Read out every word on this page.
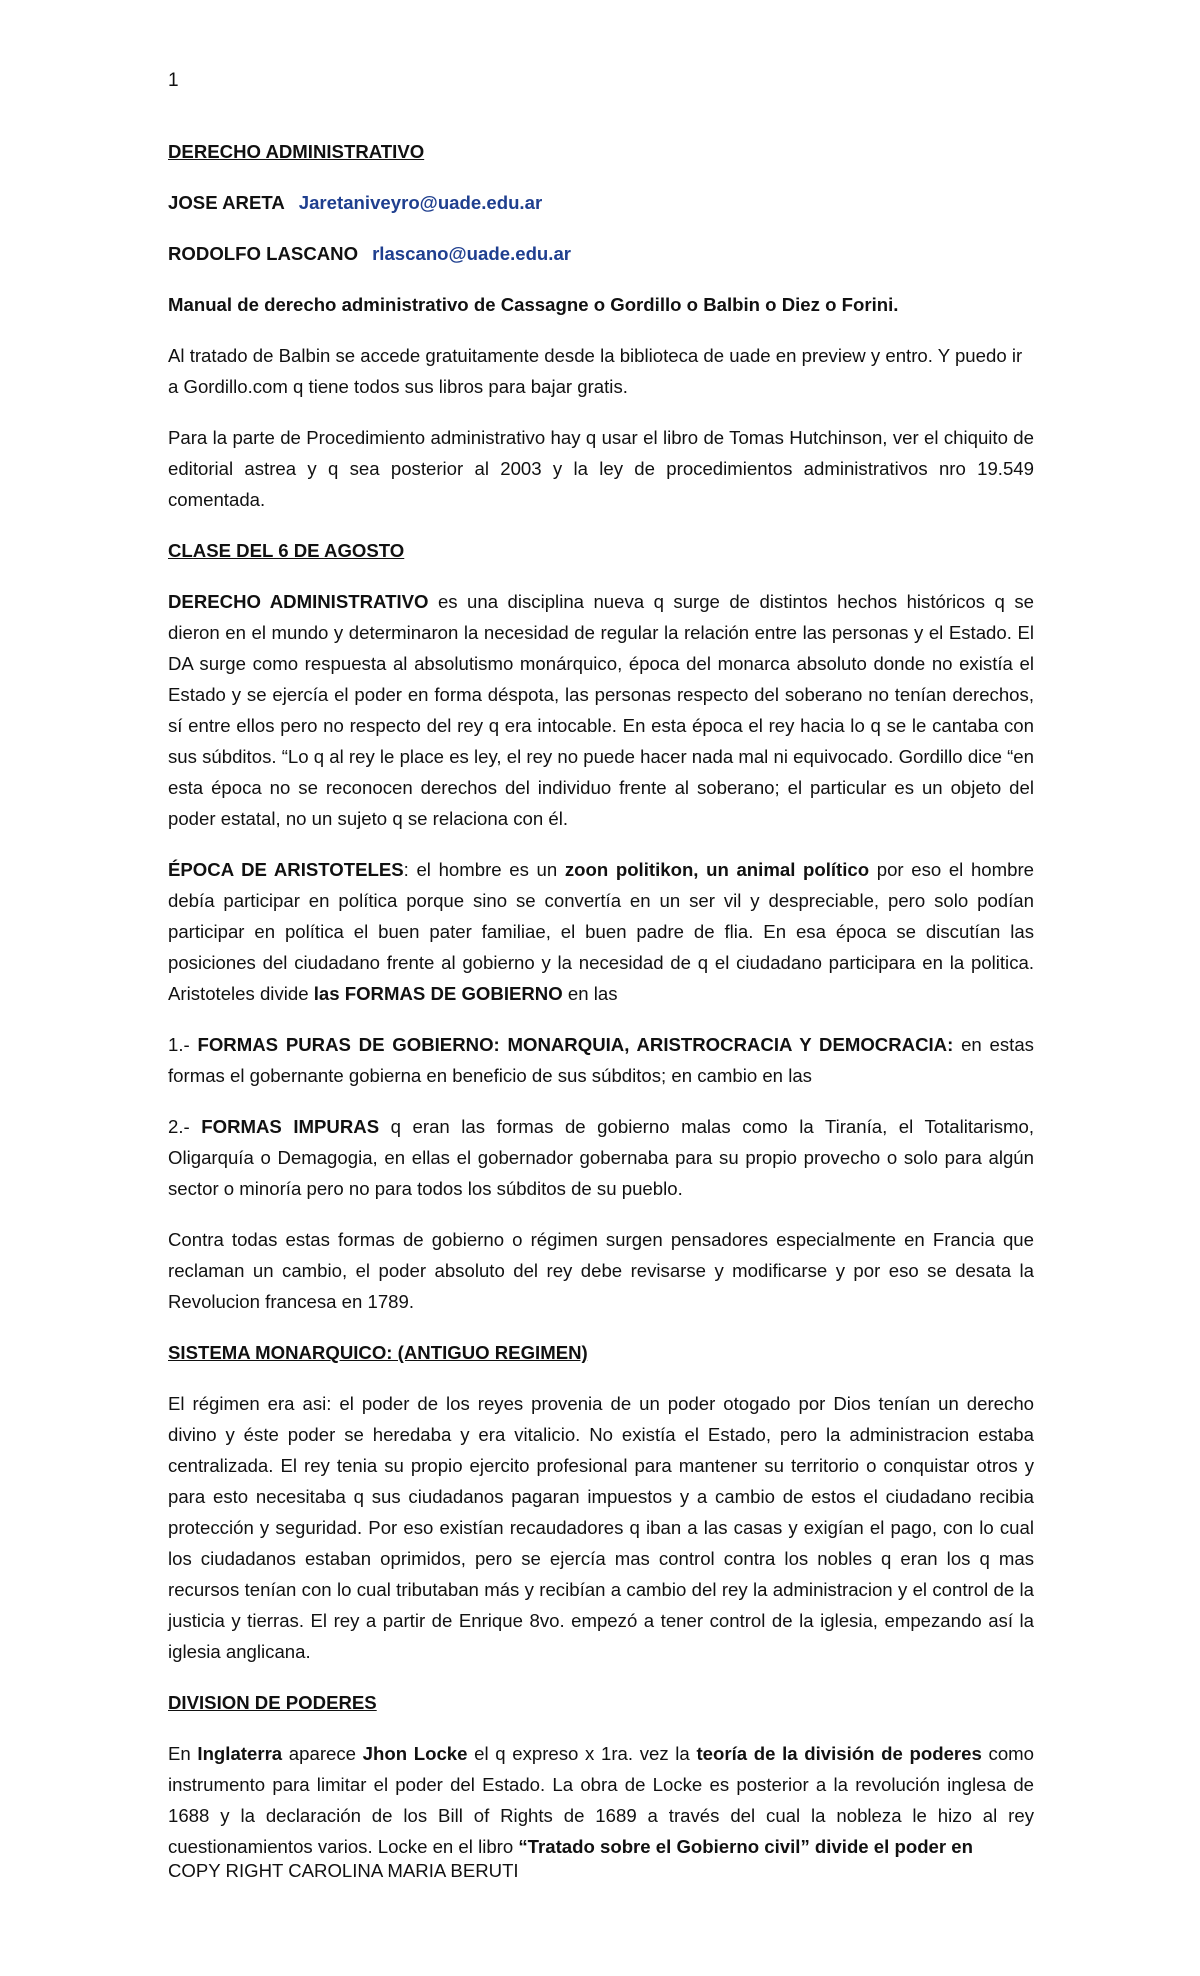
1

DERECHO ADMINISTRATIVO

JOSE ARETA Jaretaniveyro@uade.edu.ar

RODOLFO LASCANO rlascano@uade.edu.ar

Manual de derecho administrativo de Cassagne o Gordillo o Balbin o Diez o Forini.

Al tratado de Balbin se accede gratuitamente desde la biblioteca de uade en preview y entro. Y puedo ir a Gordillo.com q tiene todos sus libros para bajar gratis.

Para la parte de Procedimiento administrativo hay q usar el libro de Tomas Hutchinson, ver el chiquito de editorial astrea y q sea posterior al 2003 y la ley de procedimientos administrativos nro 19.549 comentada.

CLASE DEL 6 DE AGOSTO

DERECHO ADMINISTRATIVO es una disciplina nueva q surge de distintos hechos históricos q se dieron en el mundo y determinaron la necesidad de regular la relación entre las personas y el Estado. El DA surge como respuesta al absolutismo monárquico, época del monarca absoluto donde no existía el Estado y se ejercía el poder en forma déspota, las personas respecto del soberano no tenían derechos, sí entre ellos pero no respecto del rey q era intocable. En esta época el rey hacia lo q se le cantaba con sus súbditos. “Lo q al rey le place es ley, el rey no puede hacer nada mal ni equivocado. Gordillo dice “en esta época no se reconocen derechos del individuo frente al soberano; el particular es un objeto del poder estatal, no un sujeto q se relaciona con él.

ÉPOCA DE ARISTOTELES: el hombre es un zoon politikon, un animal político por eso el hombre debía participar en política porque sino se convertía en un ser vil y despreciable, pero solo podían participar en política el buen pater familiae, el buen padre de flia. En esa época se discutían las posiciones del ciudadano frente al gobierno y la necesidad de q el ciudadano participara en la politica. Aristoteles divide las FORMAS DE GOBIERNO en las

1.- FORMAS PURAS DE GOBIERNO: MONARQUIA, ARISTROCRACIA Y DEMOCRACIA: en estas formas el gobernante gobierna en beneficio de sus súbditos; en cambio en las

2.- FORMAS IMPURAS q eran las formas de gobierno malas como la Tiranía, el Totalitarismo, Oligarquía o Demagogia, en ellas el gobernador gobernaba para su propio provecho o solo para algún sector o minoría pero no para todos los súbditos de su pueblo.

Contra todas estas formas de gobierno o régimen surgen pensadores especialmente en Francia que reclaman un cambio, el poder absoluto del rey debe revisarse y modificarse y por eso se desata la Revolucion francesa en 1789.

SISTEMA MONARQUICO: (ANTIGUO REGIMEN)

El régimen era asi: el poder de los reyes provenia de un poder otogado por Dios tenían un derecho divino y éste poder se heredaba y era vitalicio. No existía el Estado, pero la administracion estaba centralizada. El rey tenia su propio ejercito profesional para mantener su territorio o conquistar otros y para esto necesitaba q sus ciudadanos pagaran impuestos y a cambio de estos el ciudadano recibia protección y seguridad. Por eso existían recaudadores q iban a las casas y exigían el pago, con lo cual los ciudadanos estaban oprimidos, pero se ejercía mas control contra los nobles q eran los q mas recursos tenían con lo cual tributaban más y recibían a cambio del rey la administracion y el control de la justicia y tierras. El rey a partir de Enrique 8vo. empezó a tener control de la iglesia, empezando así la iglesia anglicana.

DIVISION DE PODERES

En Inglaterra aparece Jhon Locke el q expreso x 1ra. vez la teoría de la división de poderes como instrumento para limitar el poder del Estado. La obra de Locke es posterior a la revolución inglesa de 1688 y la declaración de los Bill of Rights de 1689 a través del cual la nobleza le hizo al rey cuestionamientos varios. Locke en el libro “Tratado sobre el Gobierno civil” divide el poder en

COPY RIGHT CAROLINA MARIA BERUTI
